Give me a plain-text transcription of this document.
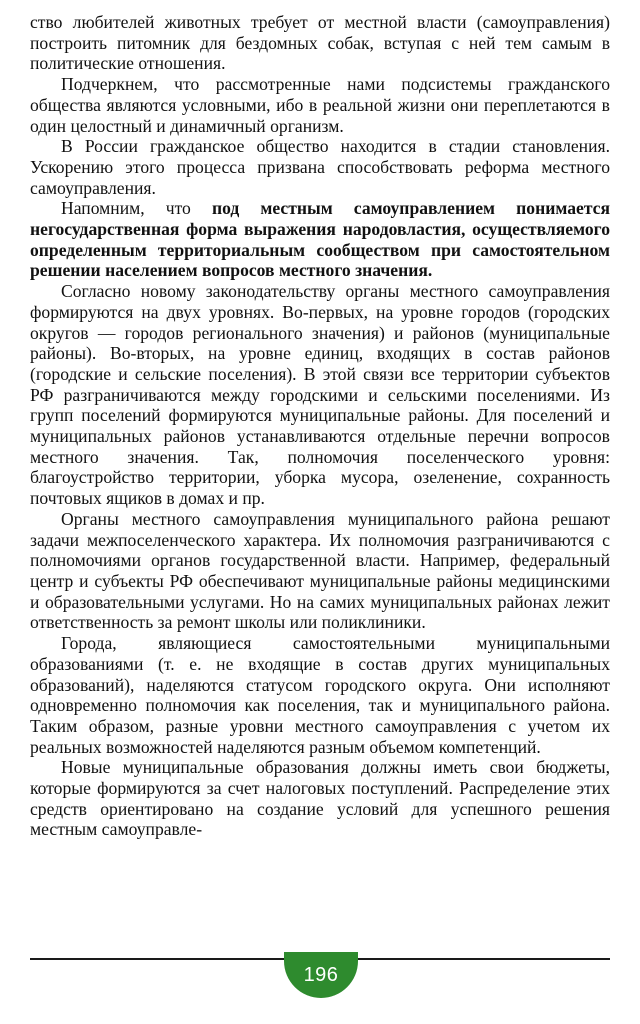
ство любителей животных требует от местной власти (самоуправления) построить питомник для бездомных собак, вступая с ней тем самым в политические отношения.

Подчеркнем, что рассмотренные нами подсистемы гражданского общества являются условными, ибо в реальной жизни они переплетаются в один целостный и динамичный организм.

В России гражданское общество находится в стадии становления. Ускорению этого процесса призвана способствовать реформа местного самоуправления.

Напомним, что под местным самоуправлением понимается негосударственная форма выражения народовластия, осуществляемого определенным территориальным сообществом при самостоятельном решении населением вопросов местного значения.

Согласно новому законодательству органы местного самоуправления формируются на двух уровнях. Во-первых, на уровне городов (городских округов — городов регионального значения) и районов (муниципальные районы). Во-вторых, на уровне единиц, входящих в состав районов (городские и сельские поселения). В этой связи все территории субъектов РФ разграничиваются между городскими и сельскими поселениями. Из групп поселений формируются муниципальные районы. Для поселений и муниципальных районов устанавливаются отдельные перечни вопросов местного значения. Так, полномочия поселенческого уровня: благоустройство территории, уборка мусора, озеленение, сохранность почтовых ящиков в домах и пр.

Органы местного самоуправления муниципального района решают задачи межпоселенческого характера. Их полномочия разграничиваются с полномочиями органов государственной власти. Например, федеральный центр и субъекты РФ обеспечивают муниципальные районы медицинскими и образовательными услугами. Но на самих муниципальных районах лежит ответственность за ремонт школы или поликлиники.

Города, являющиеся самостоятельными муниципальными образованиями (т. е. не входящие в состав других муниципальных образований), наделяются статусом городского округа. Они исполняют одновременно полномочия как поселения, так и муниципального района. Таким образом, разные уровни местного самоуправления с учетом их реальных возможностей наделяются разным объемом компетенций.

Новые муниципальные образования должны иметь свои бюджеты, которые формируются за счет налоговых поступлений. Распределение этих средств ориентировано на создание условий для успешного решения местным самоуправле-

196
